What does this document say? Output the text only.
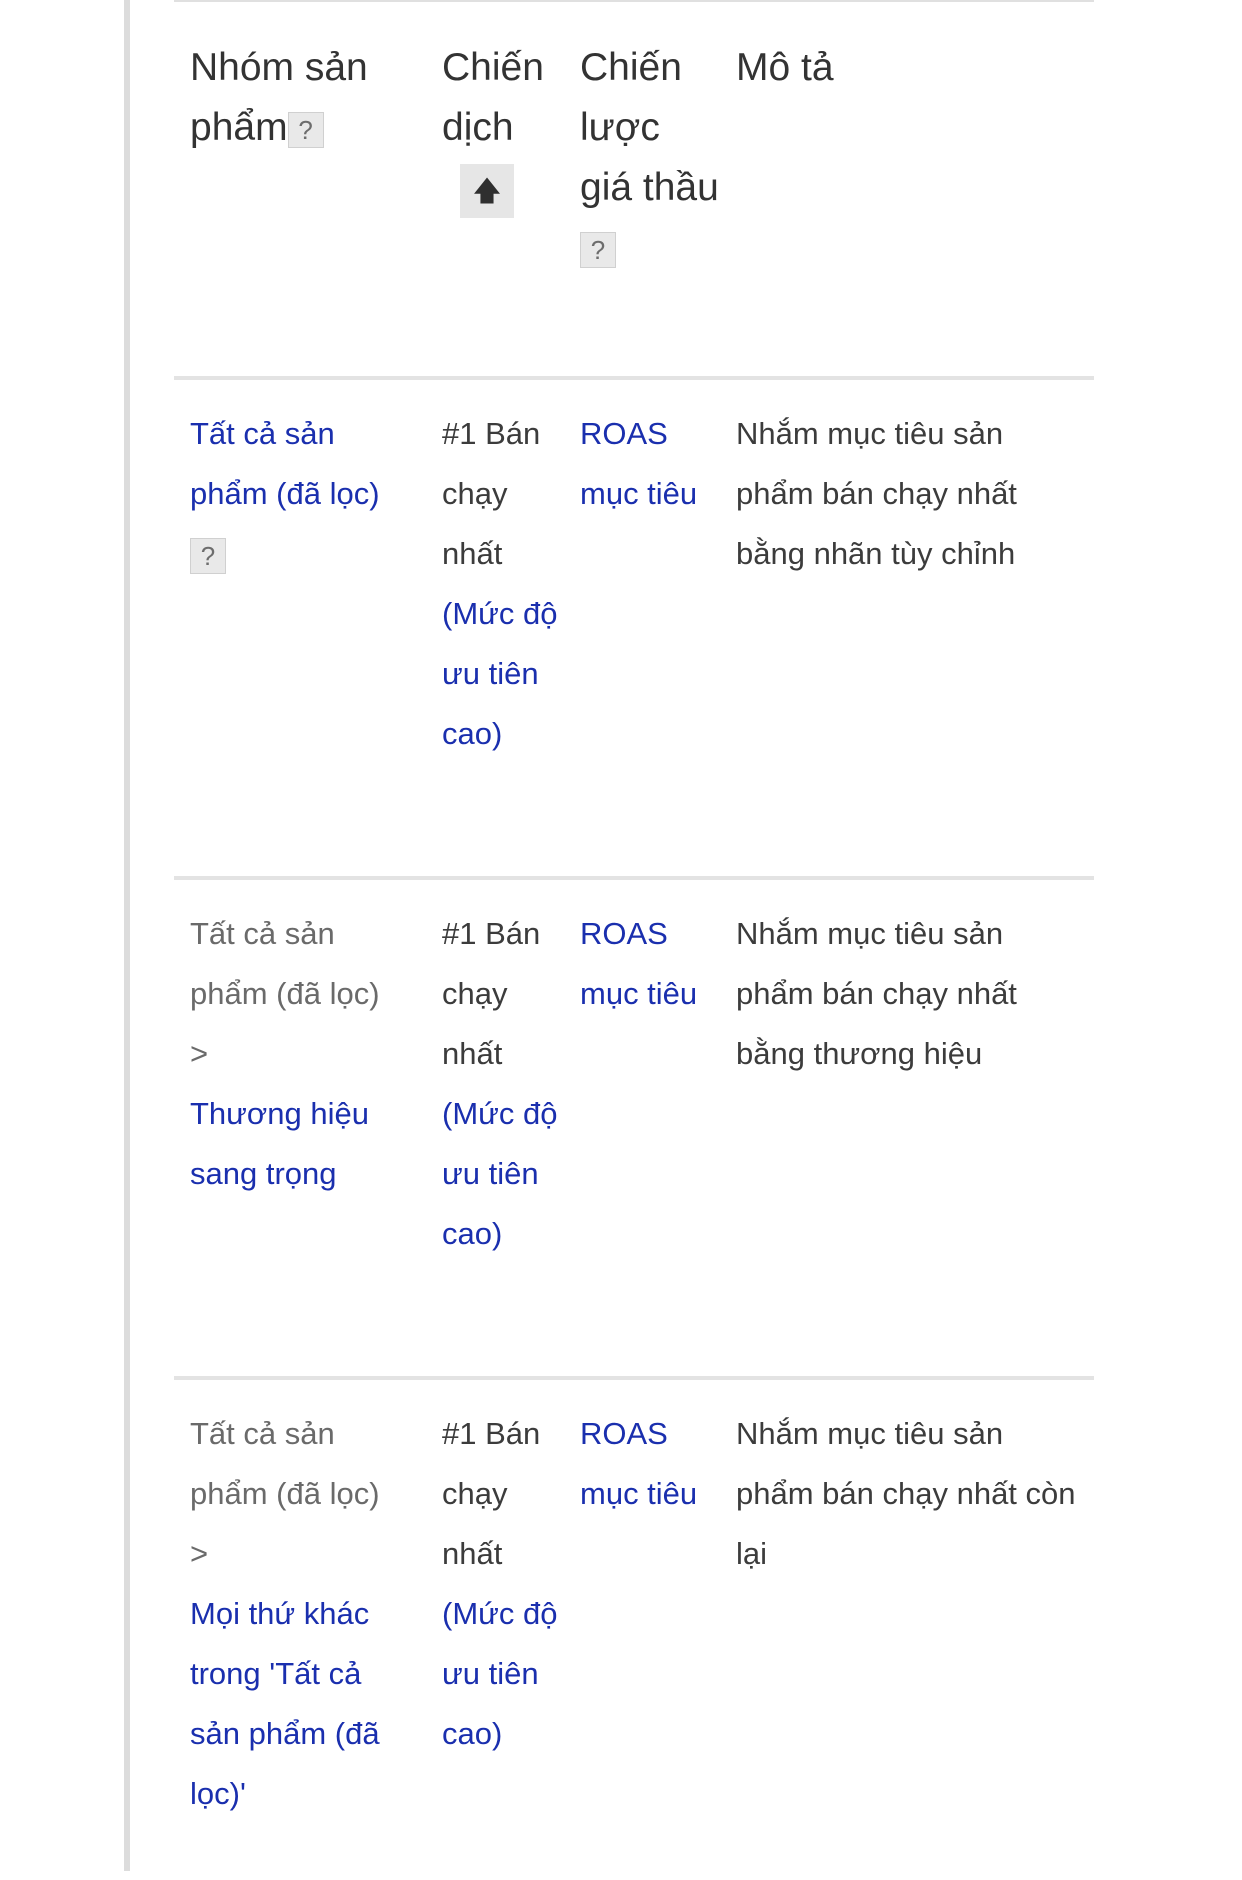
Nhóm sản phẩm ?
Chiến dịch
🡅
Chiến lược giá thầu ?
Mô tả
Tất cả sản phẩm (đã lọc)
?
#1 Bán chạy nhất (Mức độ ưu tiên cao)
ROAS mục tiêu
Nhắm mục tiêu sản phẩm bán chạy nhất bằng nhãn tùy chỉnh
Tất cả sản phẩm (đã lọc)
>
Thương hiệu sang trọng
#1 Bán chạy nhất (Mức độ ưu tiên cao)
ROAS mục tiêu
Nhắm mục tiêu sản phẩm bán chạy nhất bằng thương hiệu
Tất cả sản phẩm (đã lọc)
>
Mọi thứ khác trong 'Tất cả sản phẩm (đã lọc)'
#1 Bán chạy nhất (Mức độ ưu tiên cao)
ROAS mục tiêu
Nhắm mục tiêu sản phẩm bán chạy nhất còn lại
